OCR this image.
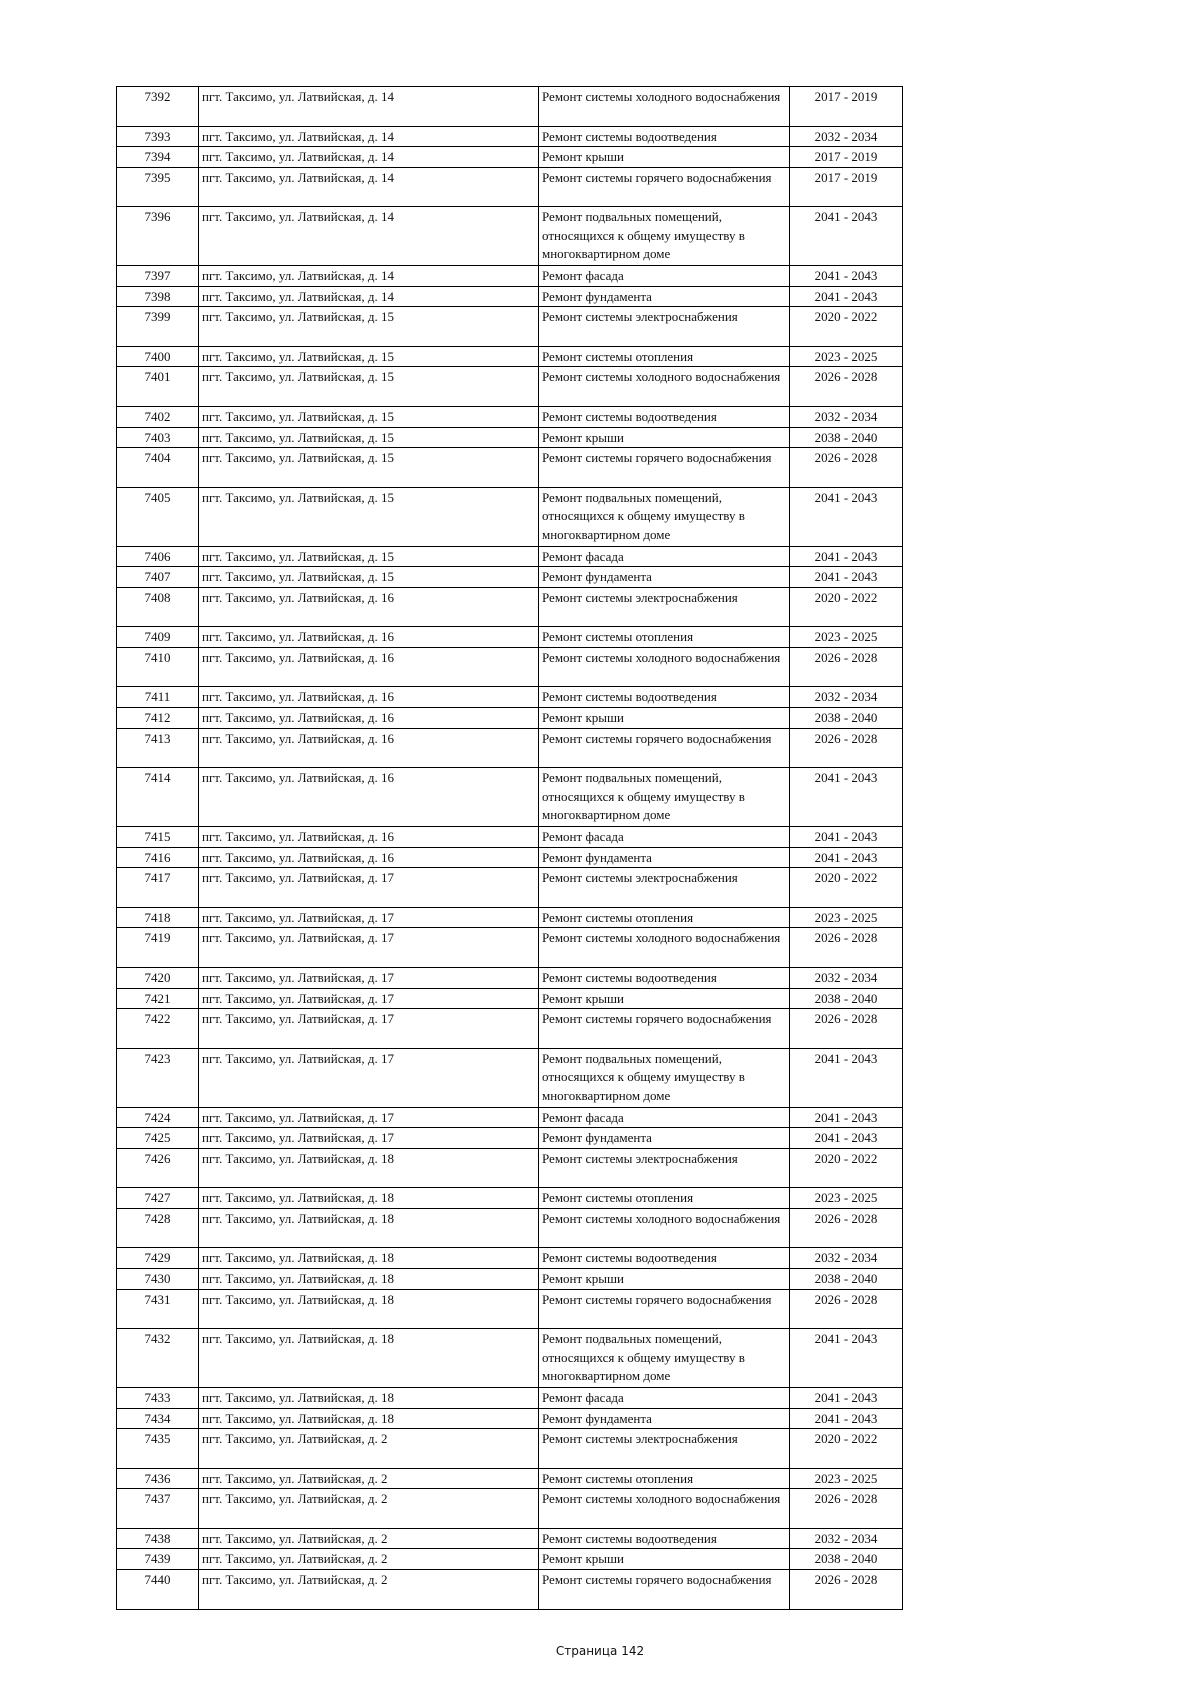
7392	пгт. Таксимо, ул. Латвийская, д. 14	Ремонт системы холодного водоснабжения	2017 - 2019
7393	пгт. Таксимо, ул. Латвийская, д. 14	Ремонт системы водоотведения	2032 - 2034
7394	пгт. Таксимо, ул. Латвийская, д. 14	Ремонт крыши	2017 - 2019
7395	пгт. Таксимо, ул. Латвийская, д. 14	Ремонт системы горячего водоснабжения	2017 - 2019
7396	пгт. Таксимо, ул. Латвийская, д. 14	Ремонт подвальных помещений, относящихся к общему имуществу в многоквартирном доме	2041 - 2043
7397	пгт. Таксимо, ул. Латвийская, д. 14	Ремонт фасада	2041 - 2043
7398	пгт. Таксимо, ул. Латвийская, д. 14	Ремонт фундамента	2041 - 2043
7399	пгт. Таксимо, ул. Латвийская, д. 15	Ремонт системы электроснабжения	2020 - 2022
7400	пгт. Таксимо, ул. Латвийская, д. 15	Ремонт системы отопления	2023 - 2025
7401	пгт. Таксимо, ул. Латвийская, д. 15	Ремонт системы холодного водоснабжения	2026 - 2028
7402	пгт. Таксимо, ул. Латвийская, д. 15	Ремонт системы водоотведения	2032 - 2034
7403	пгт. Таксимо, ул. Латвийская, д. 15	Ремонт крыши	2038 - 2040
7404	пгт. Таксимо, ул. Латвийская, д. 15	Ремонт системы горячего водоснабжения	2026 - 2028
7405	пгт. Таксимо, ул. Латвийская, д. 15	Ремонт подвальных помещений, относящихся к общему имуществу в многоквартирном доме	2041 - 2043
7406	пгт. Таксимо, ул. Латвийская, д. 15	Ремонт фасада	2041 - 2043
7407	пгт. Таксимо, ул. Латвийская, д. 15	Ремонт фундамента	2041 - 2043
7408	пгт. Таксимо, ул. Латвийская, д. 16	Ремонт системы электроснабжения	2020 - 2022
7409	пгт. Таксимо, ул. Латвийская, д. 16	Ремонт системы отопления	2023 - 2025
7410	пгт. Таксимо, ул. Латвийская, д. 16	Ремонт системы холодного водоснабжения	2026 - 2028
7411	пгт. Таксимо, ул. Латвийская, д. 16	Ремонт системы водоотведения	2032 - 2034
7412	пгт. Таксимо, ул. Латвийская, д. 16	Ремонт крыши	2038 - 2040
7413	пгт. Таксимо, ул. Латвийская, д. 16	Ремонт системы горячего водоснабжения	2026 - 2028
7414	пгт. Таксимо, ул. Латвийская, д. 16	Ремонт подвальных помещений, относящихся к общему имуществу в многоквартирном доме	2041 - 2043
7415	пгт. Таксимо, ул. Латвийская, д. 16	Ремонт фасада	2041 - 2043
7416	пгт. Таксимо, ул. Латвийская, д. 16	Ремонт фундамента	2041 - 2043
7417	пгт. Таксимо, ул. Латвийская, д. 17	Ремонт системы электроснабжения	2020 - 2022
7418	пгт. Таксимо, ул. Латвийская, д. 17	Ремонт системы отопления	2023 - 2025
7419	пгт. Таксимо, ул. Латвийская, д. 17	Ремонт системы холодного водоснабжения	2026 - 2028
7420	пгт. Таксимо, ул. Латвийская, д. 17	Ремонт системы водоотведения	2032 - 2034
7421	пгт. Таксимо, ул. Латвийская, д. 17	Ремонт крыши	2038 - 2040
7422	пгт. Таксимо, ул. Латвийская, д. 17	Ремонт системы горячего водоснабжения	2026 - 2028
7423	пгт. Таксимо, ул. Латвийская, д. 17	Ремонт подвальных помещений, относящихся к общему имуществу в многоквартирном доме	2041 - 2043
7424	пгт. Таксимо, ул. Латвийская, д. 17	Ремонт фасада	2041 - 2043
7425	пгт. Таксимо, ул. Латвийская, д. 17	Ремонт фундамента	2041 - 2043
7426	пгт. Таксимо, ул. Латвийская, д. 18	Ремонт системы электроснабжения	2020 - 2022
7427	пгт. Таксимо, ул. Латвийская, д. 18	Ремонт системы отопления	2023 - 2025
7428	пгт. Таксимо, ул. Латвийская, д. 18	Ремонт системы холодного водоснабжения	2026 - 2028
7429	пгт. Таксимо, ул. Латвийская, д. 18	Ремонт системы водоотведения	2032 - 2034
7430	пгт. Таксимо, ул. Латвийская, д. 18	Ремонт крыши	2038 - 2040
7431	пгт. Таксимо, ул. Латвийская, д. 18	Ремонт системы горячего водоснабжения	2026 - 2028
7432	пгт. Таксимо, ул. Латвийская, д. 18	Ремонт подвальных помещений, относящихся к общему имуществу в многоквартирном доме	2041 - 2043
7433	пгт. Таксимо, ул. Латвийская, д. 18	Ремонт фасада	2041 - 2043
7434	пгт. Таксимо, ул. Латвийская, д. 18	Ремонт фундамента	2041 - 2043
7435	пгт. Таксимо, ул. Латвийская, д. 2	Ремонт системы электроснабжения	2020 - 2022
7436	пгт. Таксимо, ул. Латвийская, д. 2	Ремонт системы отопления	2023 - 2025
7437	пгт. Таксимо, ул. Латвийская, д. 2	Ремонт системы холодного водоснабжения	2026 - 2028
7438	пгт. Таксимо, ул. Латвийская, д. 2	Ремонт системы водоотведения	2032 - 2034
7439	пгт. Таксимо, ул. Латвийская, д. 2	Ремонт крыши	2038 - 2040
7440	пгт. Таксимо, ул. Латвийская, д. 2	Ремонт системы горячего водоснабжения	2026 - 2028
Страница 142
